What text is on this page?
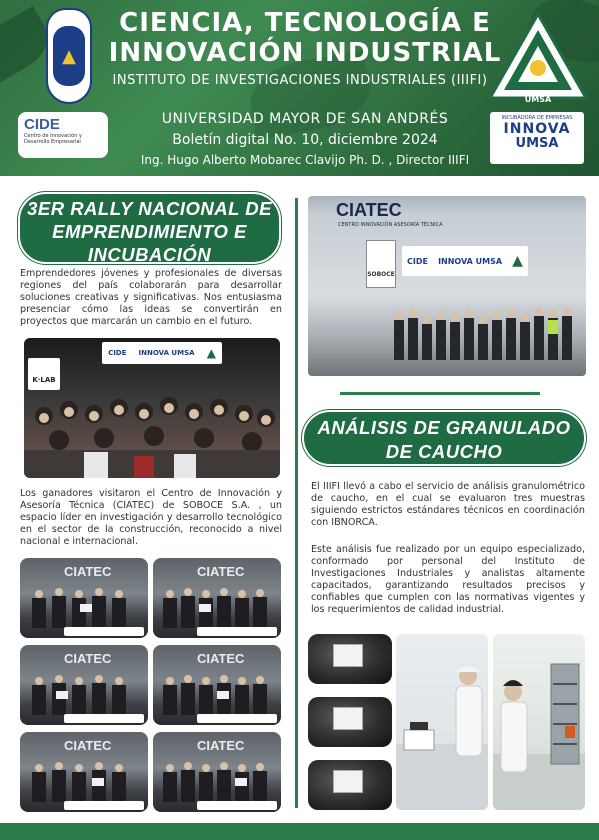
▲
CIENCIA, TECNOLOGÍA E INNOVACIÓN INDUSTRIAL
INSTITUTO DE INVESTIGACIONES INDUSTRIALES (IIIFI)
UNIVERSIDAD MAYOR DE SAN ANDRÉS
Boletín digital No. 10, diciembre 2024
Ing. Hugo Alberto Mobarec Clavijo Ph. D. , Director IIIFI
CIDE
Centro de Innovación y Desarrollo Empresarial
UMSA
INCUBADORA DE EMPRESAS
INNOVA
UMSA
3ER RALLY NACIONAL DE EMPRENDIMIENTO E INCUBACIÓN
Emprendedores jóvenes y profesionales de diversas regiones del país colaborarán para desarrollar soluciones creativas y significativas. Nos entusiasma presenciar cómo las ideas se convertirán en proyectos que marcarán un cambio en el futuro.
K·LAB
CIDE INNOVA UMSA ▲
Los ganadores visitaron el Centro de Innovación y Asesoría Técnica (CIATEC) de SOBOCE S.A. , un espacio líder en investigación y desarrollo tecnológico en el sector de la construcción, reconocido a nivel nacional e internacional.
CIATEC	CIATEC
CIATEC	CIATEC
CIATEC	CIATEC
CIATEC
CENTRO INNOVACIÓN ASESORÍA TÉCNICA
SOBOCE
CIDE INNOVA UMSA ▲
ANÁLISIS DE GRANULADO DE CAUCHO
El IIIFI llevó a cabo el servicio de análisis granulométrico de caucho, en el cual se evaluaron tres muestras siguiendo estrictos estándares técnicos en coordinación con IBNORCA.
Este análisis fue realizado por un equipo especializado, conformado por personal del Instituto de Investigaciones Industriales y analistas altamente capacitados, garantizando resultados precisos y confiables que cumplen con las normativas vigentes y los requerimientos de calidad industrial.
